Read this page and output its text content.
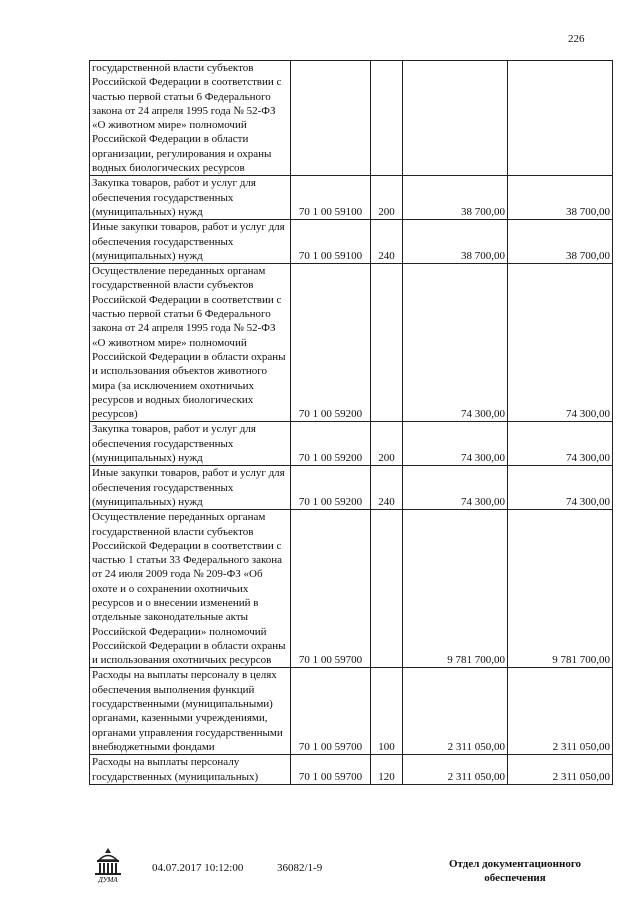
226
государственной власти субъектов Российской Федерации в соответствии с частью первой статьи 6 Федерального закона от 24 апреля 1995 года № 52-ФЗ «О животном мире» полномочий Российской Федерации в области организации, регулирования и охраны водных биологических ресурсов				
Закупка товаров, работ и услуг для обеспечения государственных (муниципальных) нужд	70 1 00 59100	200	38 700,00	38 700,00
Иные закупки товаров, работ и услуг для обеспечения государственных (муниципальных) нужд	70 1 00 59100	240	38 700,00	38 700,00
Осуществление переданных органам государственной власти субъектов Российской Федерации в соответствии с частью первой статьи 6 Федерального закона от 24 апреля 1995 года № 52-ФЗ «О животном мире» полномочий Российской Федерации в области охраны и использования объектов животного мира (за исключением охотничьих ресурсов и водных биологических ресурсов)	70 1 00 59200		74 300,00	74 300,00
Закупка товаров, работ и услуг для обеспечения государственных (муниципальных) нужд	70 1 00 59200	200	74 300,00	74 300,00
Иные закупки товаров, работ и услуг для обеспечения государственных (муниципальных) нужд	70 1 00 59200	240	74 300,00	74 300,00
Осуществление переданных органам государственной власти субъектов Российской Федерации в соответствии с частью 1 статьи 33 Федерального закона от 24 июля 2009 года № 209-ФЗ «Об охоте и о сохранении охотничьих ресурсов и о внесении изменений в отдельные законодательные акты Российской Федерации» полномочий Российской Федерации в области охраны и использования охотничьих ресурсов	70 1 00 59700		9 781 700,00	9 781 700,00
Расходы на выплаты персоналу в целях обеспечения выполнения функций государственными (муниципальными) органами, казенными учреждениями, органами управления государственными внебюджетными фондами	70 1 00 59700	100	2 311 050,00	2 311 050,00
Расходы на выплаты персоналу государственных (муниципальных)	70 1 00 59700	120	2 311 050,00	2 311 050,00
ДУМА
04.07.2017 10:12:00	36082/1-9	Отдел документационного
обеспечения
